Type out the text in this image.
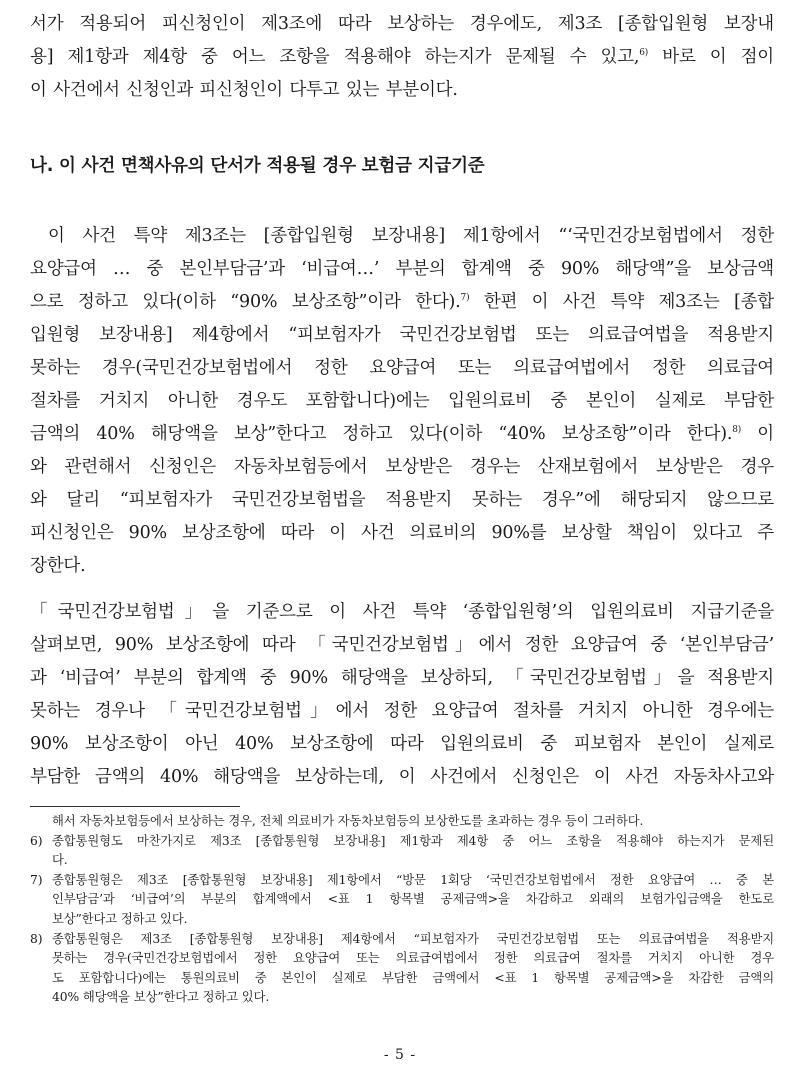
서가 적용되어 피신청인이 제3조에 따라 보상하는 경우에도, 제3조 [종합입원형 보장내
용] 제1항과 제4항 중 어느 조항을 적용해야 하는지가 문제될 수 있고,$^{6)}$ 바로 이 점이
이 사건에서 신청인과 피신청인이 다투고 있는 부분이다.
나. 이 사건 면책사유의 단서가 적용될 경우 보험금 지급기준
이 사건 특약 제3조는 [종합입원형 보장내용] 제1항에서 “‘국민건강보험법에서 정한
요양급여 … 중 본인부담금’과 ‘비급여…’ 부분의 합계액 중 90% 해당액”을 보상금액
으로 정하고 있다(이하 “90% 보상조항”이라 한다).$^{7)}$ 한편 이 사건 특약 제3조는 [종합
입원형 보장내용] 제4항에서 “피보험자가 국민건강보험법 또는 의료급여법을 적용받지
못하는 경우(국민건강보험법에서 정한 요양급여 또는 의료급여법에서 정한 의료급여
절차를 거치지 아니한 경우도 포함합니다)에는 입원의료비 중 본인이 실제로 부담한
금액의 40% 해당액을 보상”한다고 정하고 있다(이하 “40% 보상조항”이라 한다).$^{8)}$ 이
와 관련해서 신청인은 자동차보험등에서 보상받은 경우는 산재보험에서 보상받은 경우
와 달리 “피보험자가 국민건강보험법을 적용받지 못하는 경우”에 해당되지 않으므로
피신청인은 90% 보상조항에 따라 이 사건 의료비의 90%를 보상할 책임이 있다고 주
장한다.
「국민건강보험법」을 기준으로 이 사건 특약 ‘종합입원형’의 입원의료비 지급기준을
살펴보면, 90% 보상조항에 따라 「국민건강보험법」에서 정한 요양급여 중 ‘본인부담금’
과 ‘비급여’ 부분의 합계액 중 90% 해당액을 보상하되, 「국민건강보험법」을 적용받지
못하는 경우나 「국민건강보험법」에서 정한 요양급여 절차를 거치지 아니한 경우에는
90% 보상조항이 아닌 40% 보상조항에 따라 입원의료비 중 피보험자 본인이 실제로
부담한 금액의 40% 해당액을 보상하는데, 이 사건에서 신청인은 이 사건 자동차사고와
해서 자동차보험등에서 보상하는 경우, 전체 의료비가 자동차보험등의 보상한도를 초과하는 경우 등이 그러하다.
6) 종합통원형도 마찬가지로 제3조 [종합통원형 보장내용] 제1항과 제4항 중 어느 조항을 적용해야 하는지가 문제된
다.
7) 종합통원형은 제3조 [종합통원형 보장내용] 제1항에서 “방문 1회당 ‘국민건강보험법에서 정한 요양급여 … 중 본
인부담금’과 ‘비급여’의 부분의 합계액에서 <표 1 항목별 공제금액>을 차감하고 외래의 보험가입금액을 한도로
보상”한다고 정하고 있다.
8) 종합통원형은 제3조 [종합통원형 보장내용] 제4항에서 “피보험자가 국민건강보험법 또는 의료급여법을 적용받지
못하는 경우(국민건강보험법에서 정한 요양급여 또는 의료급여법에서 정한 의료급여 절차를 거치지 아니한 경우
도 포함합니다)에는 통원의료비 중 본인이 실제로 부담한 금액에서 <표 1 항목별 공제금액>을 차감한 금액의
40% 해당액을 보상”한다고 정하고 있다.
- 5 -
